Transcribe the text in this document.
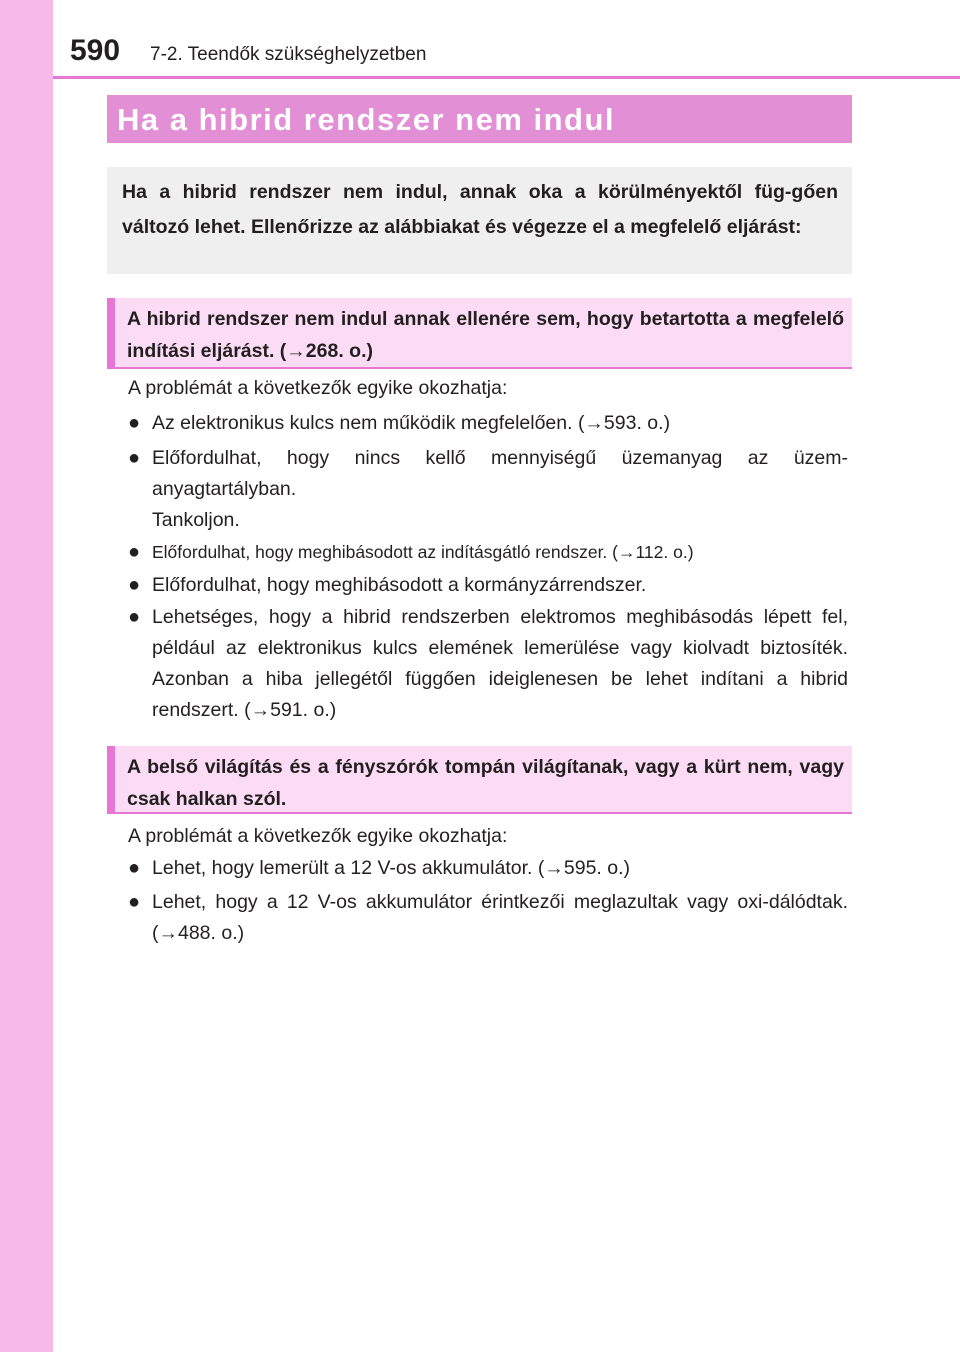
590 7-2. Teendők szükséghelyzetben
Ha a hibrid rendszer nem indul
Ha a hibrid rendszer nem indul, annak oka a körülményektől füg-gően változó lehet. Ellenőrizze az alábbiakat és végezze el a megfelelő eljárást:
A hibrid rendszer nem indul annak ellenére sem, hogy betartotta a megfelelő indítási eljárást. (→268. o.)
A problémát a következők egyike okozhatja:
● Az elektronikus kulcs nem működik megfelelően. (→593. o.)
● Előfordulhat, hogy nincs kellő mennyiségű üzemanyag az üzem-anyagtartályban.
Tankoljon.
● Előfordulhat, hogy meghibásodott az indításgátló rendszer. (→112. o.)
● Előfordulhat, hogy meghibásodott a kormányzárrendszer.
● Lehetséges, hogy a hibrid rendszerben elektromos meghibásodás lépett fel, például az elektronikus kulcs elemének lemerülése vagy kiolvadt biztosíték. Azonban a hiba jellegétől függően ideiglenesen be lehet indítani a hibrid rendszert. (→591. o.)
A belső világítás és a fényszórók tompán világítanak, vagy a kürt nem, vagy csak halkan szól.
A problémát a következők egyike okozhatja:
● Lehet, hogy lemerült a 12 V-os akkumulátor. (→595. o.)
● Lehet, hogy a 12 V-os akkumulátor érintkezői meglazultak vagy oxi-dálódtak. (→488. o.)
